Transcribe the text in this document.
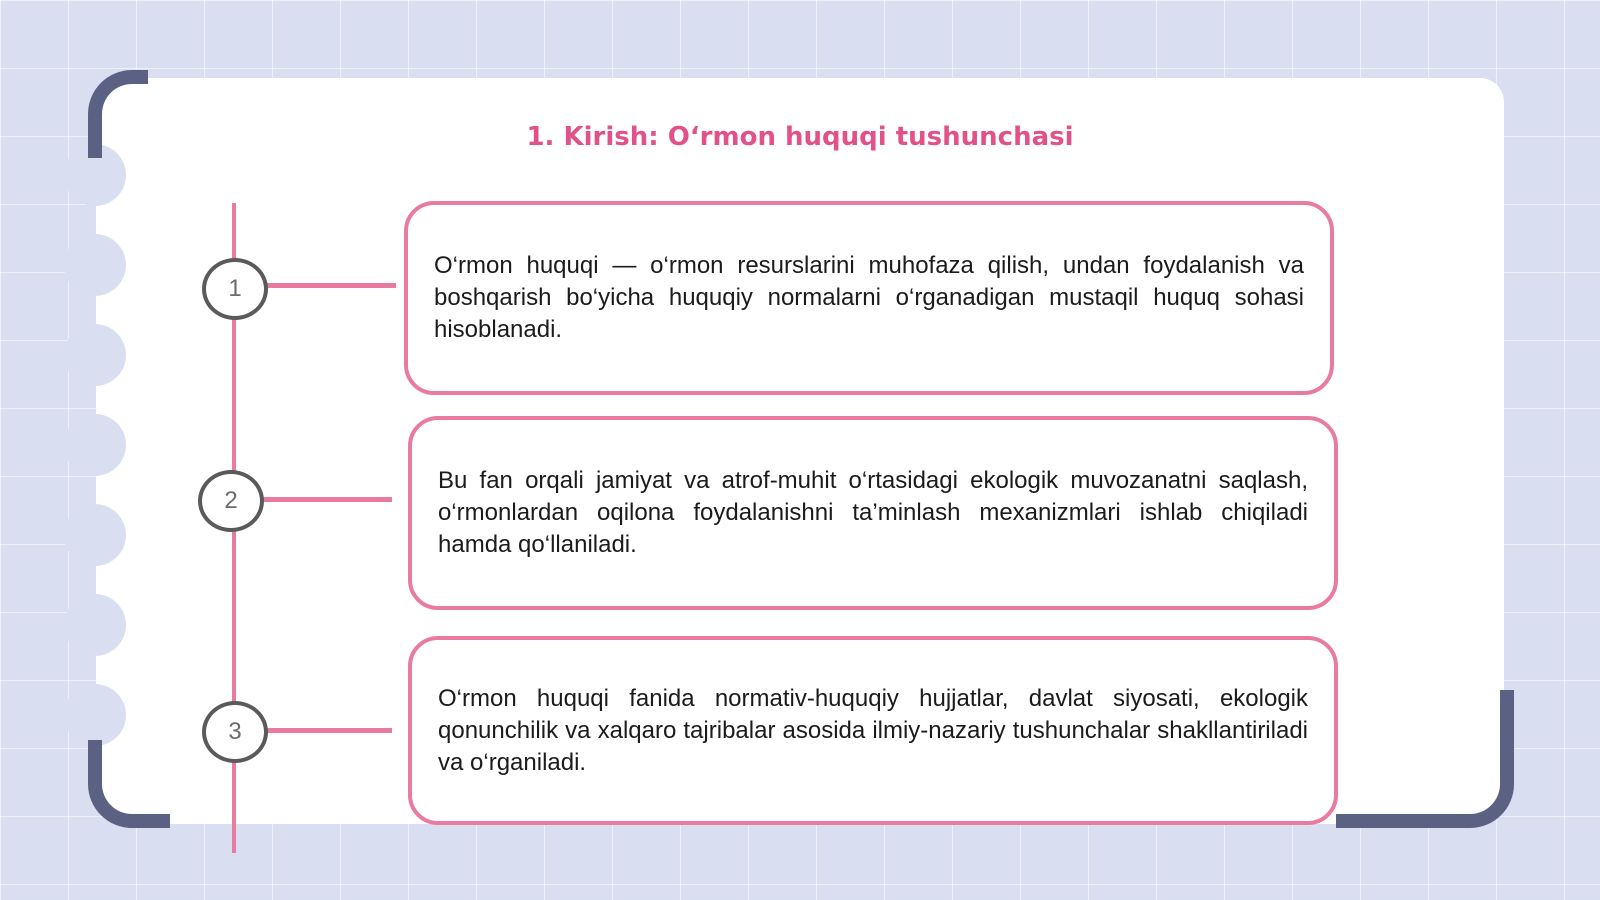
1. Kirish: O‘rmon huquqi tushunchasi
1
2
3

O‘rmon huquqi — o‘rmon resurslarini muhofaza qilish, undan foydalanish va boshqarish bo‘yicha huquqiy normalarni o‘rganadigan mustaqil huquq sohasi hisoblanadi.

Bu fan orqali jamiyat va atrof-muhit o‘rtasidagi ekologik muvozanatni saqlash, o‘rmonlardan oqilona foydalanishni ta’minlash mexanizmlari ishlab chiqiladi hamda qo‘llaniladi.

O‘rmon huquqi fanida normativ-huquqiy hujjatlar, davlat siyosati, ekologik qonunchilik va xalqaro tajribalar asosida ilmiy-nazariy tushunchalar shakllantiriladi va o‘rganiladi.
